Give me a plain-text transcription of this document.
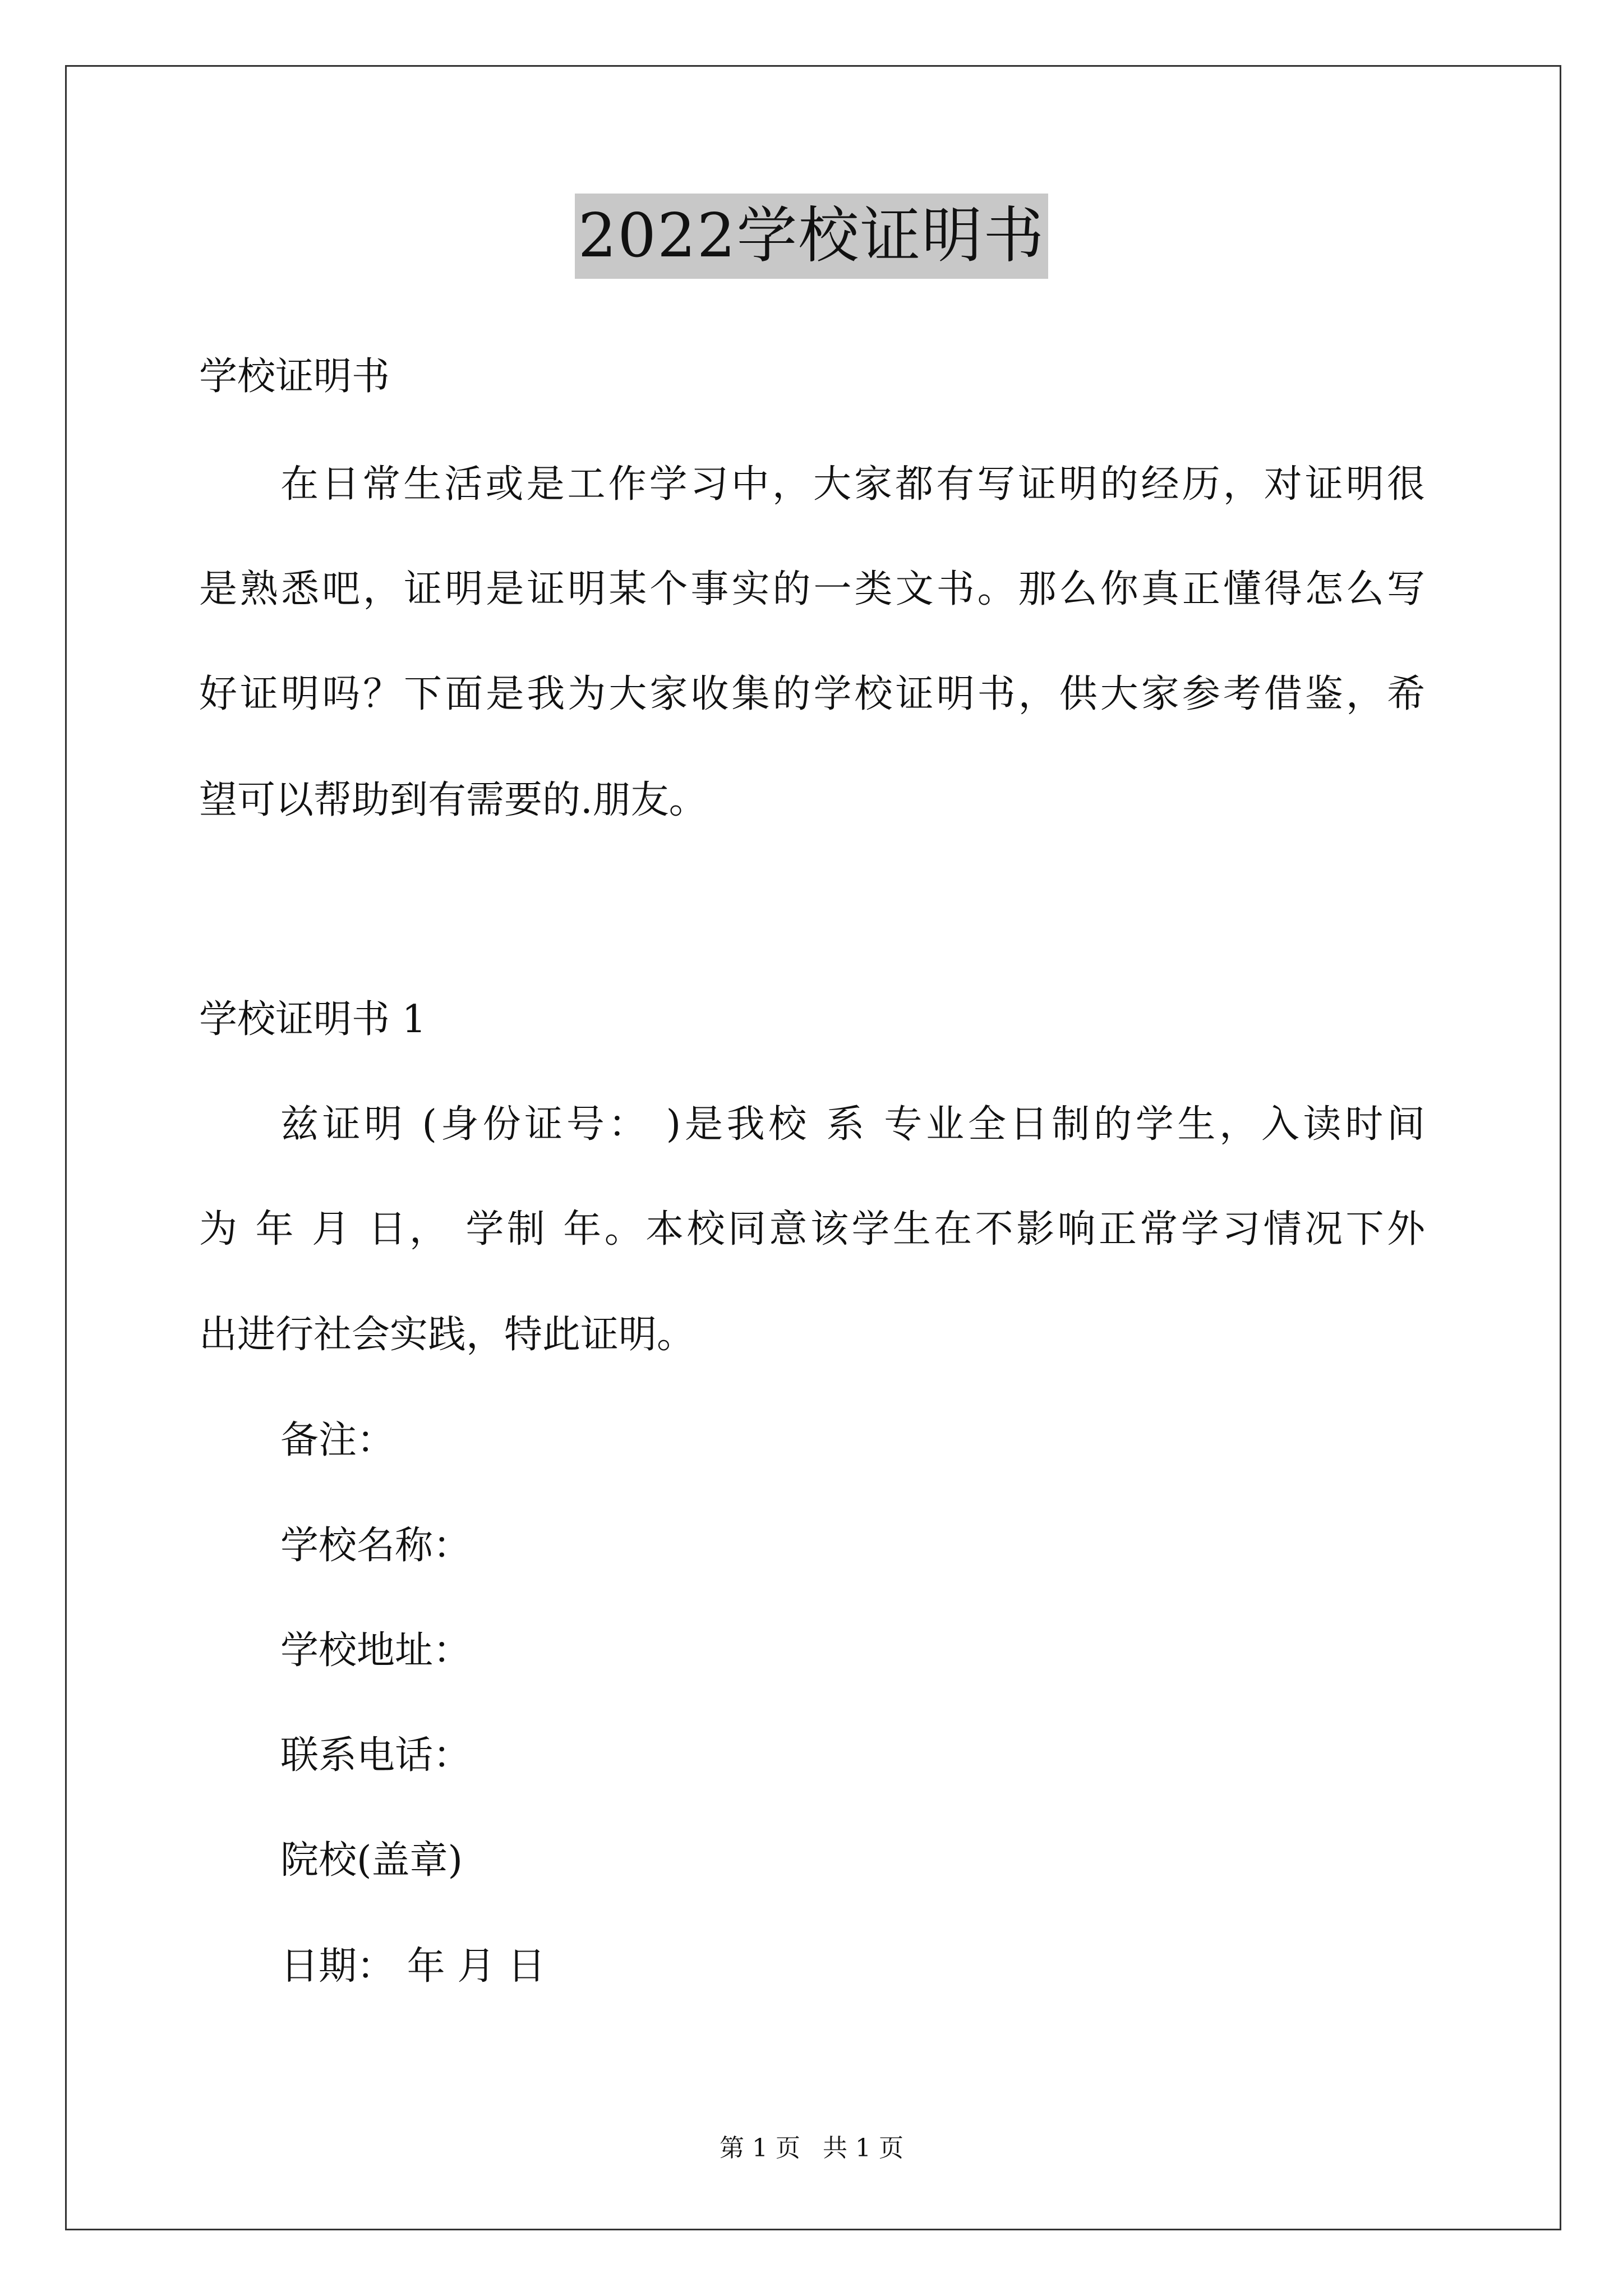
2022学校证明书
学校证明书
在日常生活或是工作学习中，大家都有写证明的经历，对证明很
是熟悉吧，证明是证明某个事实的一类文书。那么你真正懂得怎么写
好证明吗？下面是我为大家收集的学校证明书，供大家参考借鉴，希
望可以帮助到有需要的.朋友。
学校证明书 1
兹证明 (身份证号： )是我校 系 专业全日制的学生，入读时间
为 年 月 日， 学制 年。本校同意该学生在不影响正常学习情况下外
出进行社会实践，特此证明。
备注：
学校名称：
学校地址：
联系电话：
院校(盖章)
日期： 年 月 日
第 1 页 共 1 页
